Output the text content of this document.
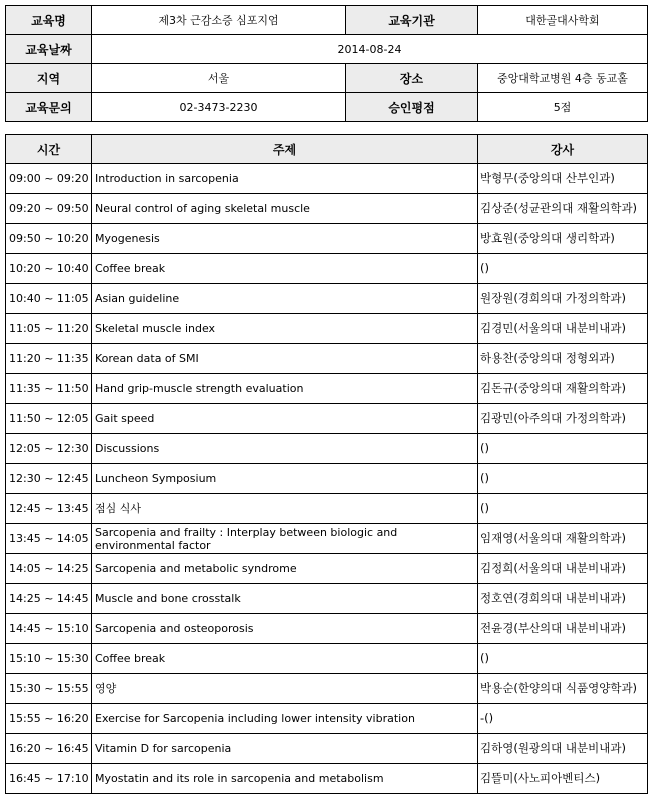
교육명	제3차 근감소증 심포지엄	교육기관	대한골대사학회
교육날짜	2014-08-24		
지역	서울	장소	중앙대학교병원 4층 동교홀
교육문의	02-3473-2230	승인평점	5점
시간	주제	강사
09:00 ~ 09:20	Introduction in sarcopenia	박형무(중앙의대 산부인과)
09:20 ~ 09:50	Neural control of aging skeletal muscle	김상준(성균관의대 재활의학과)
09:50 ~ 10:20	Myogenesis	방효원(중앙의대 생리학과)
10:20 ~ 10:40	Coffee break	()
10:40 ~ 11:05	Asian guideline	원장원(경희의대 가정의학과)
11:05 ~ 11:20	Skeletal muscle index	김경민(서울의대 내분비내과)
11:20 ~ 11:35	Korean data of SMI	하용찬(중앙의대 정형외과)
11:35 ~ 11:50	Hand grip-muscle strength evaluation	김돈규(중앙의대 재활의학과)
11:50 ~ 12:05	Gait speed	김광민(아주의대 가정의학과)
12:05 ~ 12:30	Discussions	()
12:30 ~ 12:45	Luncheon Symposium	()
12:45 ~ 13:45	점심 식사	()
13:45 ~ 14:05	Sarcopenia and frailty : Interplay between biologic and environmental factor	임재영(서울의대 재활의학과)
14:05 ~ 14:25	Sarcopenia and metabolic syndrome	김정희(서울의대 내분비내과)
14:25 ~ 14:45	Muscle and bone crosstalk	정호연(경희의대 내분비내과)
14:45 ~ 15:10	Sarcopenia and osteoporosis	전윤경(부산의대 내분비내과)
15:10 ~ 15:30	Coffee break	()
15:30 ~ 15:55	영양	박용순(한양의대 식품영양학과)
15:55 ~ 16:20	Exercise for Sarcopenia including lower intensity vibration	-()
16:20 ~ 16:45	Vitamin D for sarcopenia	김하영(원광의대 내분비내과)
16:45 ~ 17:10	Myostatin and its role in sarcopenia and metabolism	김뜰미(사노피아벤티스)
